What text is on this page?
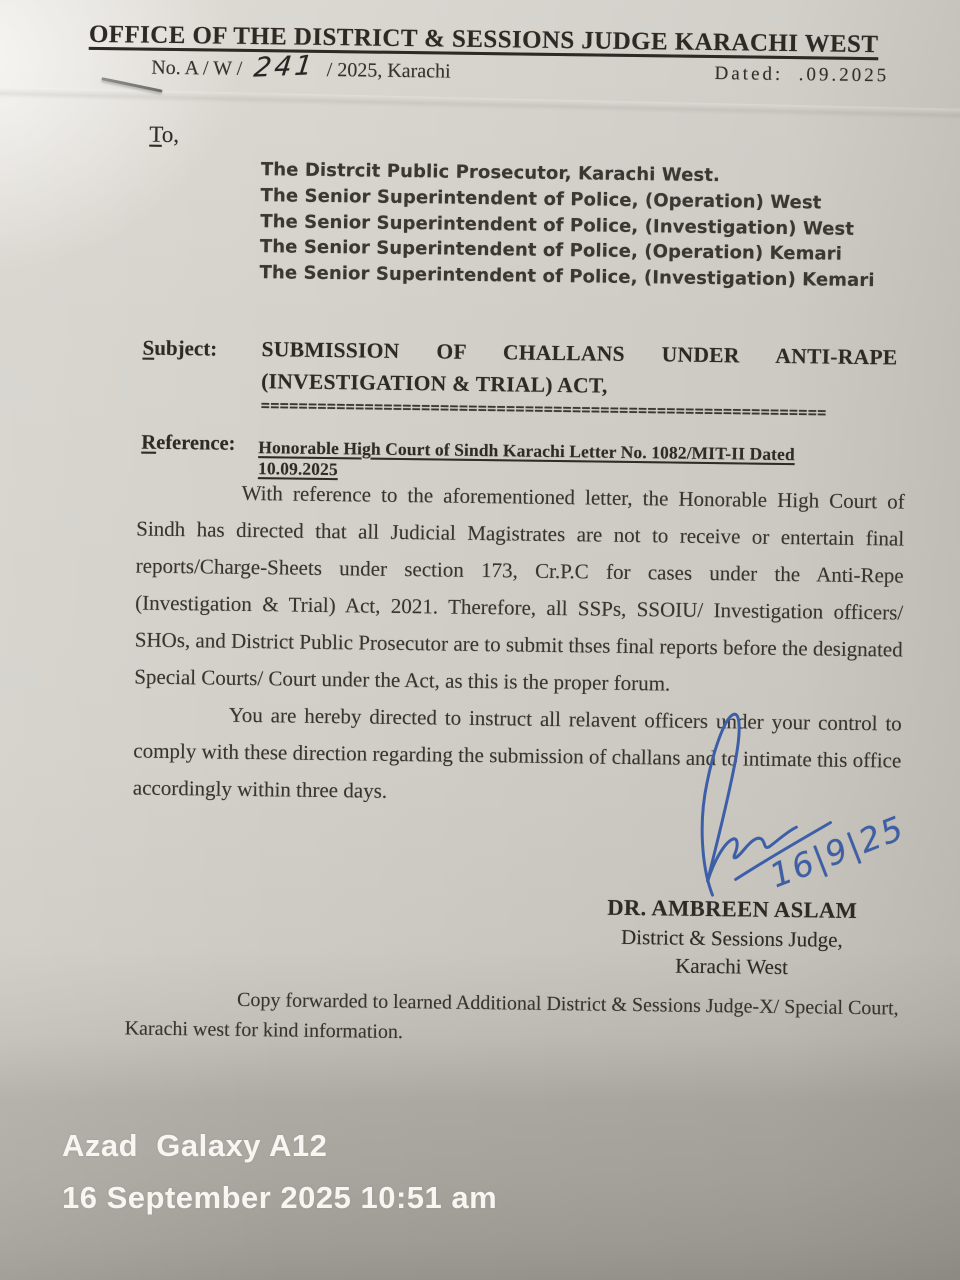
OFFICE OF THE DISTRICT & SESSIONS JUDGE KARACHI WEST
No. A / W / 241 / 2025, Karachi	Dated:  .09.2025
To,
The Distrcit Public Prosecutor, Karachi West.
The Senior Superintendent of Police, (Operation) West
The Senior Superintendent of Police, (Investigation) West
The Senior Superintendent of Police, (Operation) Kemari
The Senior Superintendent of Police, (Investigation) Kemari
Subject: SUBMISSION OF CHALLANS UNDER ANTI-RAPE
(INVESTIGATION & TRIAL) ACT,
============================================================
Reference: Honorable High Court of Sindh Karachi Letter No. 1082/MIT-II Dated 10.09.2025

With reference to the aforementioned letter, the Honorable High Court of Sindh has directed that all Judicial Magistrates are not to receive or entertain final reports/Charge-Sheets under section 173, Cr.P.C for cases under the Anti-Repe (Investigation & Trial) Act, 2021. Therefore, all SSPs, SSOIU/ Investigation officers/ SHOs, and District Public Prosecutor are to submit thses final reports before the designated Special Courts/ Court under the Act, as this is the proper forum.

You are hereby directed to instruct all relavent officers under your control to comply with these direction regarding the submission of challans and to intimate this office accordingly within three days.

16|9|25
DR. AMBREEN ASLAM
District & Sessions Judge,
Karachi West

Copy forwarded to learned Additional District & Sessions Judge-X/ Special Court, Karachi west for kind information.

Azad  Galaxy A12
16 September 2025 10:51 am
